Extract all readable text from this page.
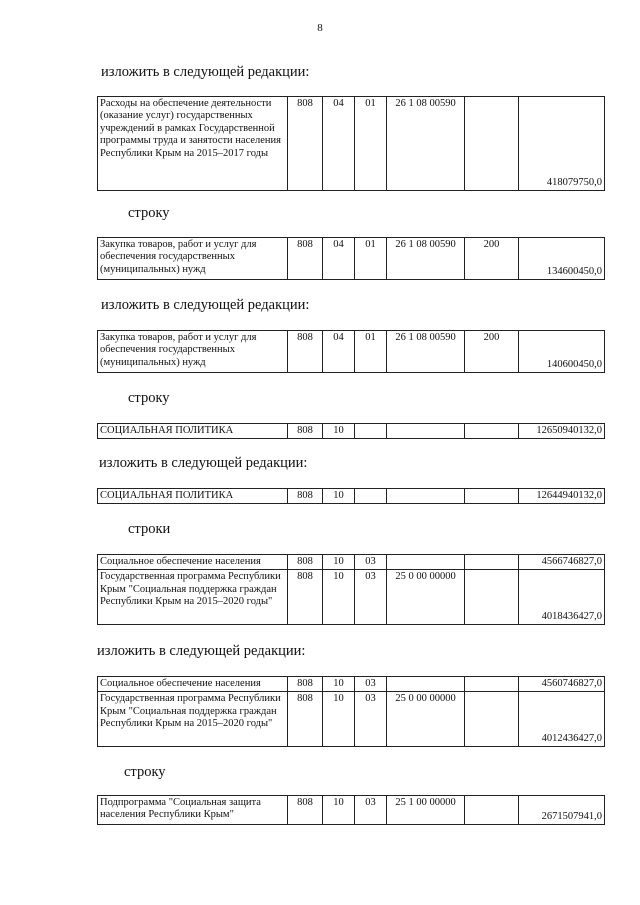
8
изложить в следующей редакции:
Расходы на обеспечение деятельности (оказание услуг) государственных учреждений в рамках Государственной программы труда и занятости населения Республики Крым на 2015–2017 годы	808	04	01	26 1 08 00590		418079750,0
строку
Закупка товаров, работ и услуг для обеспечения государственных (муниципальных) нужд	808	04	01	26 1 08 00590	200	134600450,0
изложить в следующей редакции:
Закупка товаров, работ и услуг для обеспечения государственных (муниципальных) нужд	808	04	01	26 1 08 00590	200	140600450,0
строку
СОЦИАЛЬНАЯ ПОЛИТИКА	808	10				12650940132,0
изложить в следующей редакции:
СОЦИАЛЬНАЯ ПОЛИТИКА	808	10				12644940132,0
строки
Социальное обеспечение населения	808	10	03			4566746827,0
Государственная программа Республики Крым "Социальная поддержка граждан Республики Крым на 2015–2020 годы"	808	10	03	25 0 00 00000		4018436427,0
изложить в следующей редакции:
Социальное обеспечение населения	808	10	03			4560746827,0
Государственная программа Республики Крым "Социальная поддержка граждан Республики Крым на 2015–2020 годы"	808	10	03	25 0 00 00000		4012436427,0
строку
Подпрограмма "Социальная защита населения Республики Крым"	808	10	03	25 1 00 00000		2671507941,0
